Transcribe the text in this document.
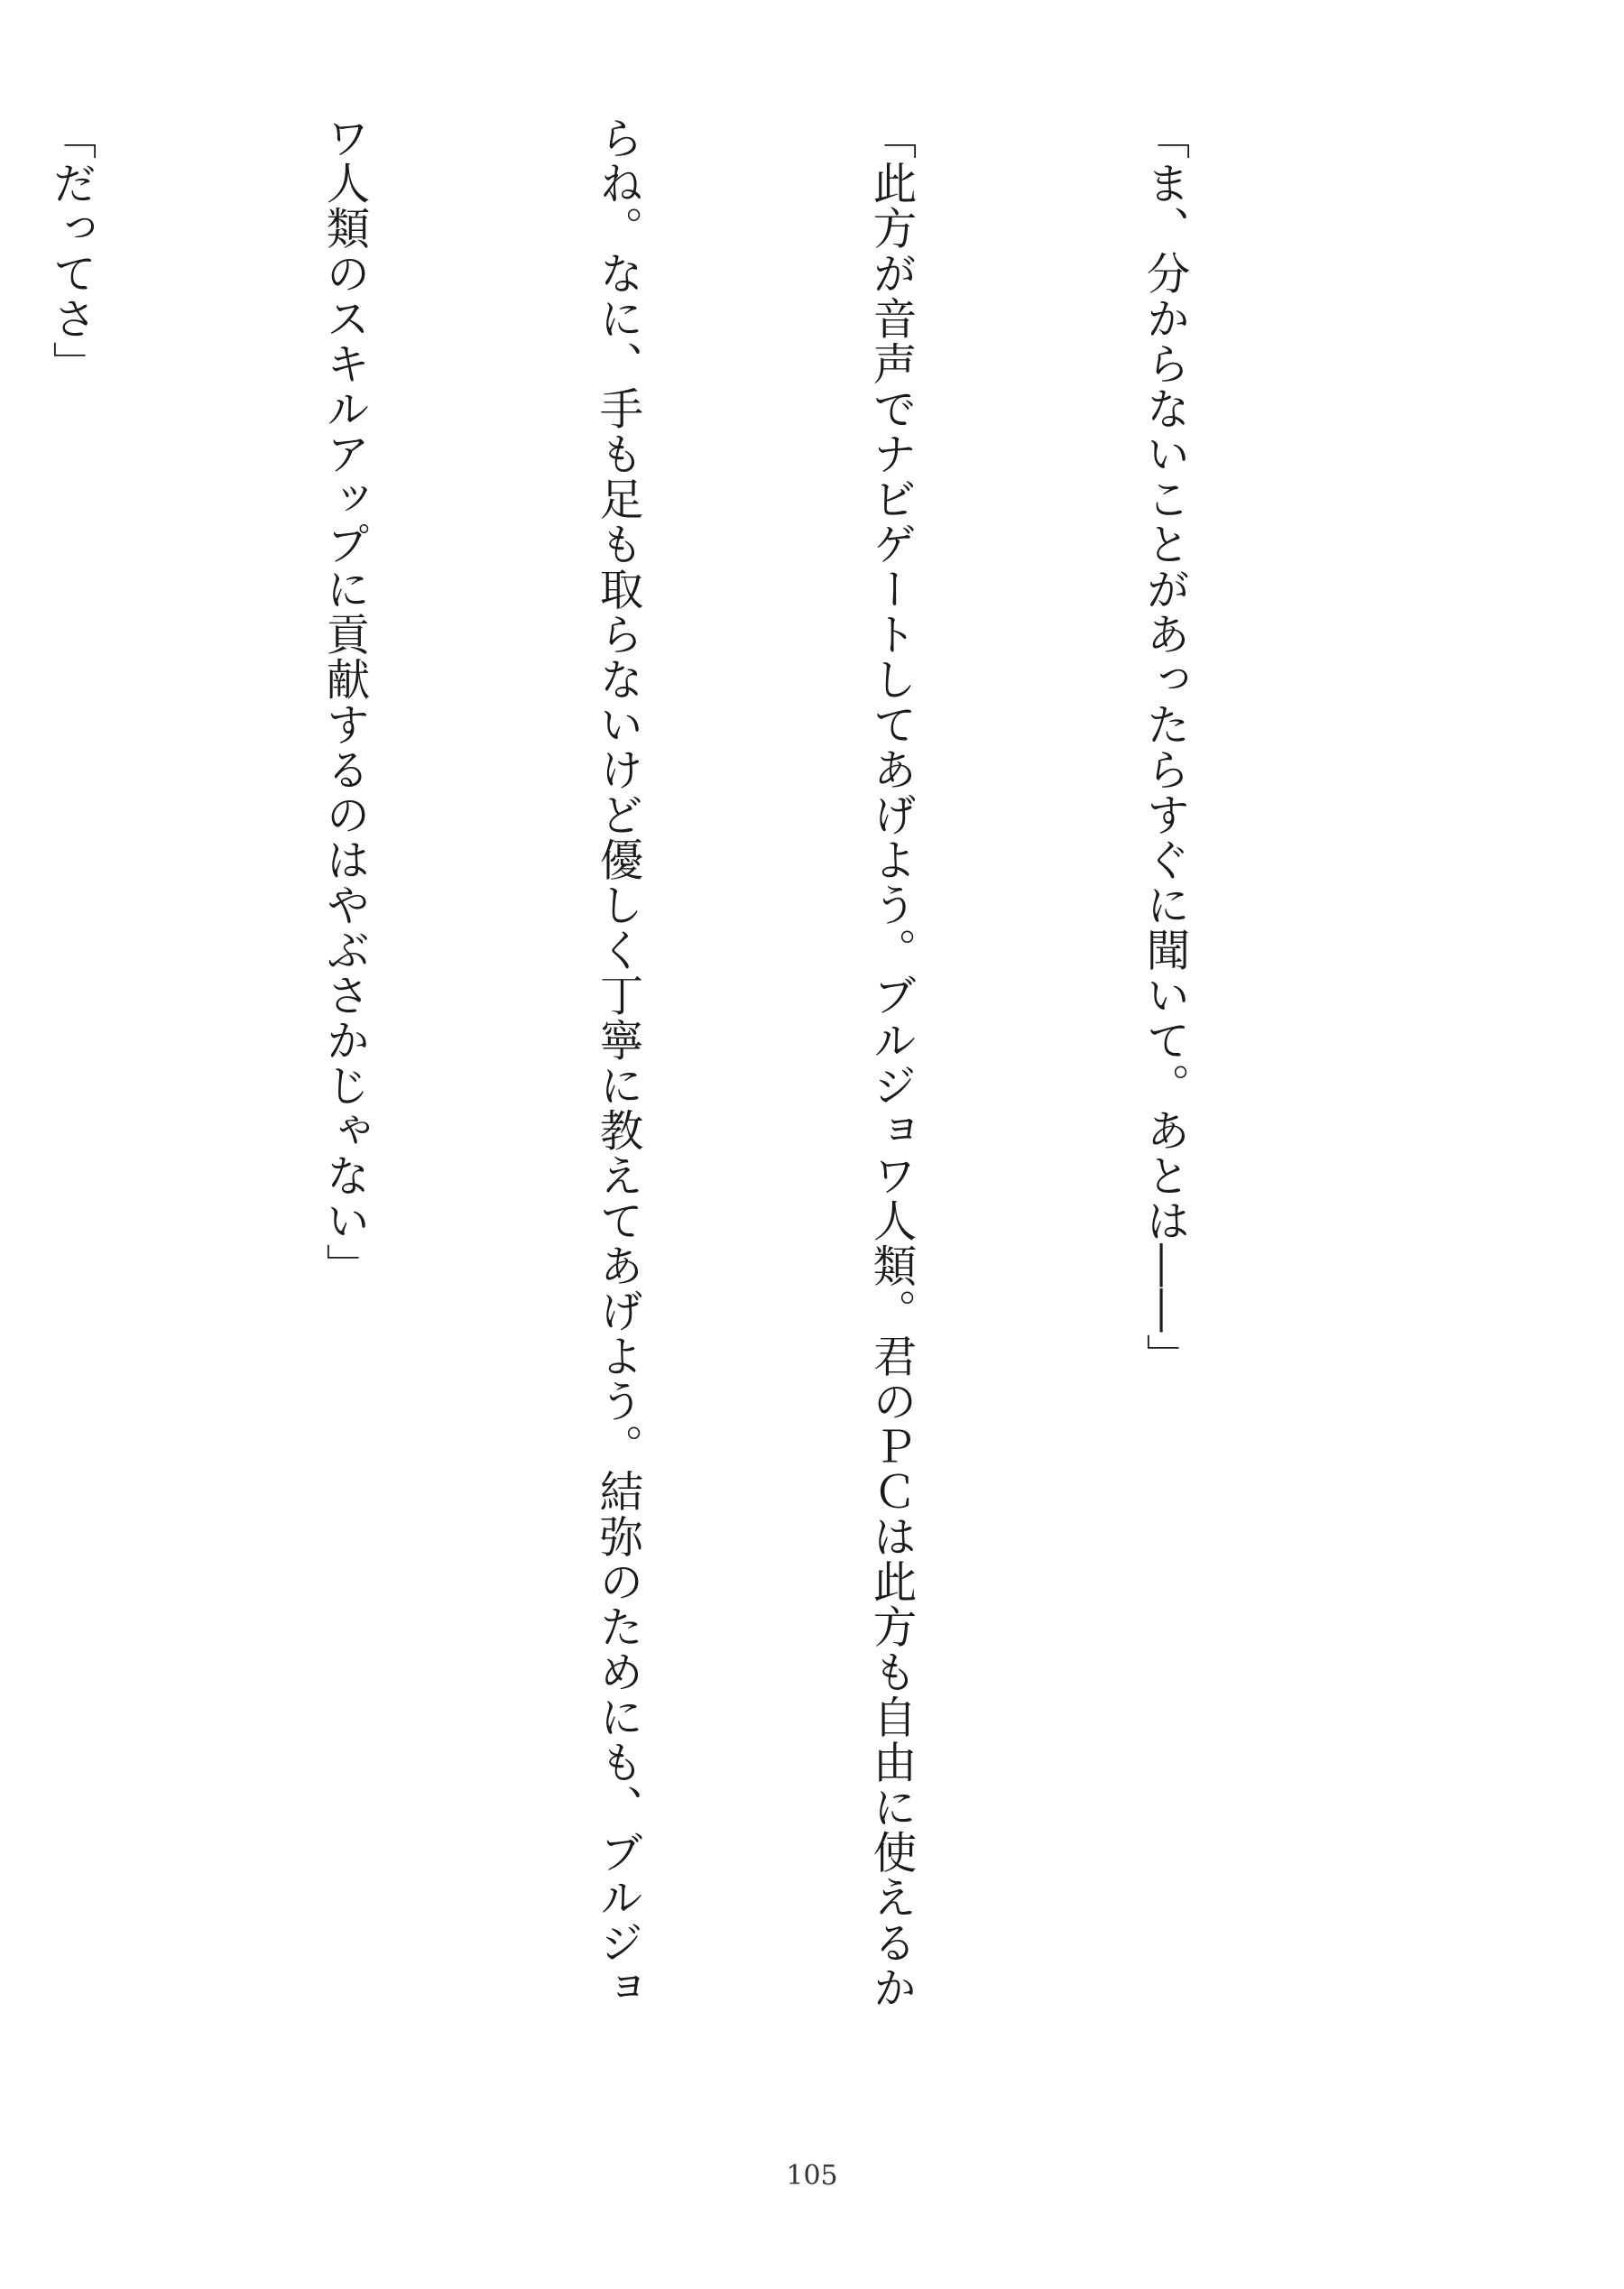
「ま、分からないことがあったらすぐに聞いて。あとは――」

「此方が音声でナビゲートしてあげよう。ブルジョワ人類。君のＰＣは此方も自由に使えるか

らね。なに、手も足も取らないけど優しく丁寧に教えてあげよう。結弥のためにも、ブルジョ

ワ人類のスキルアップに貢献するのはやぶさかじゃない」

「だってさ」

105
